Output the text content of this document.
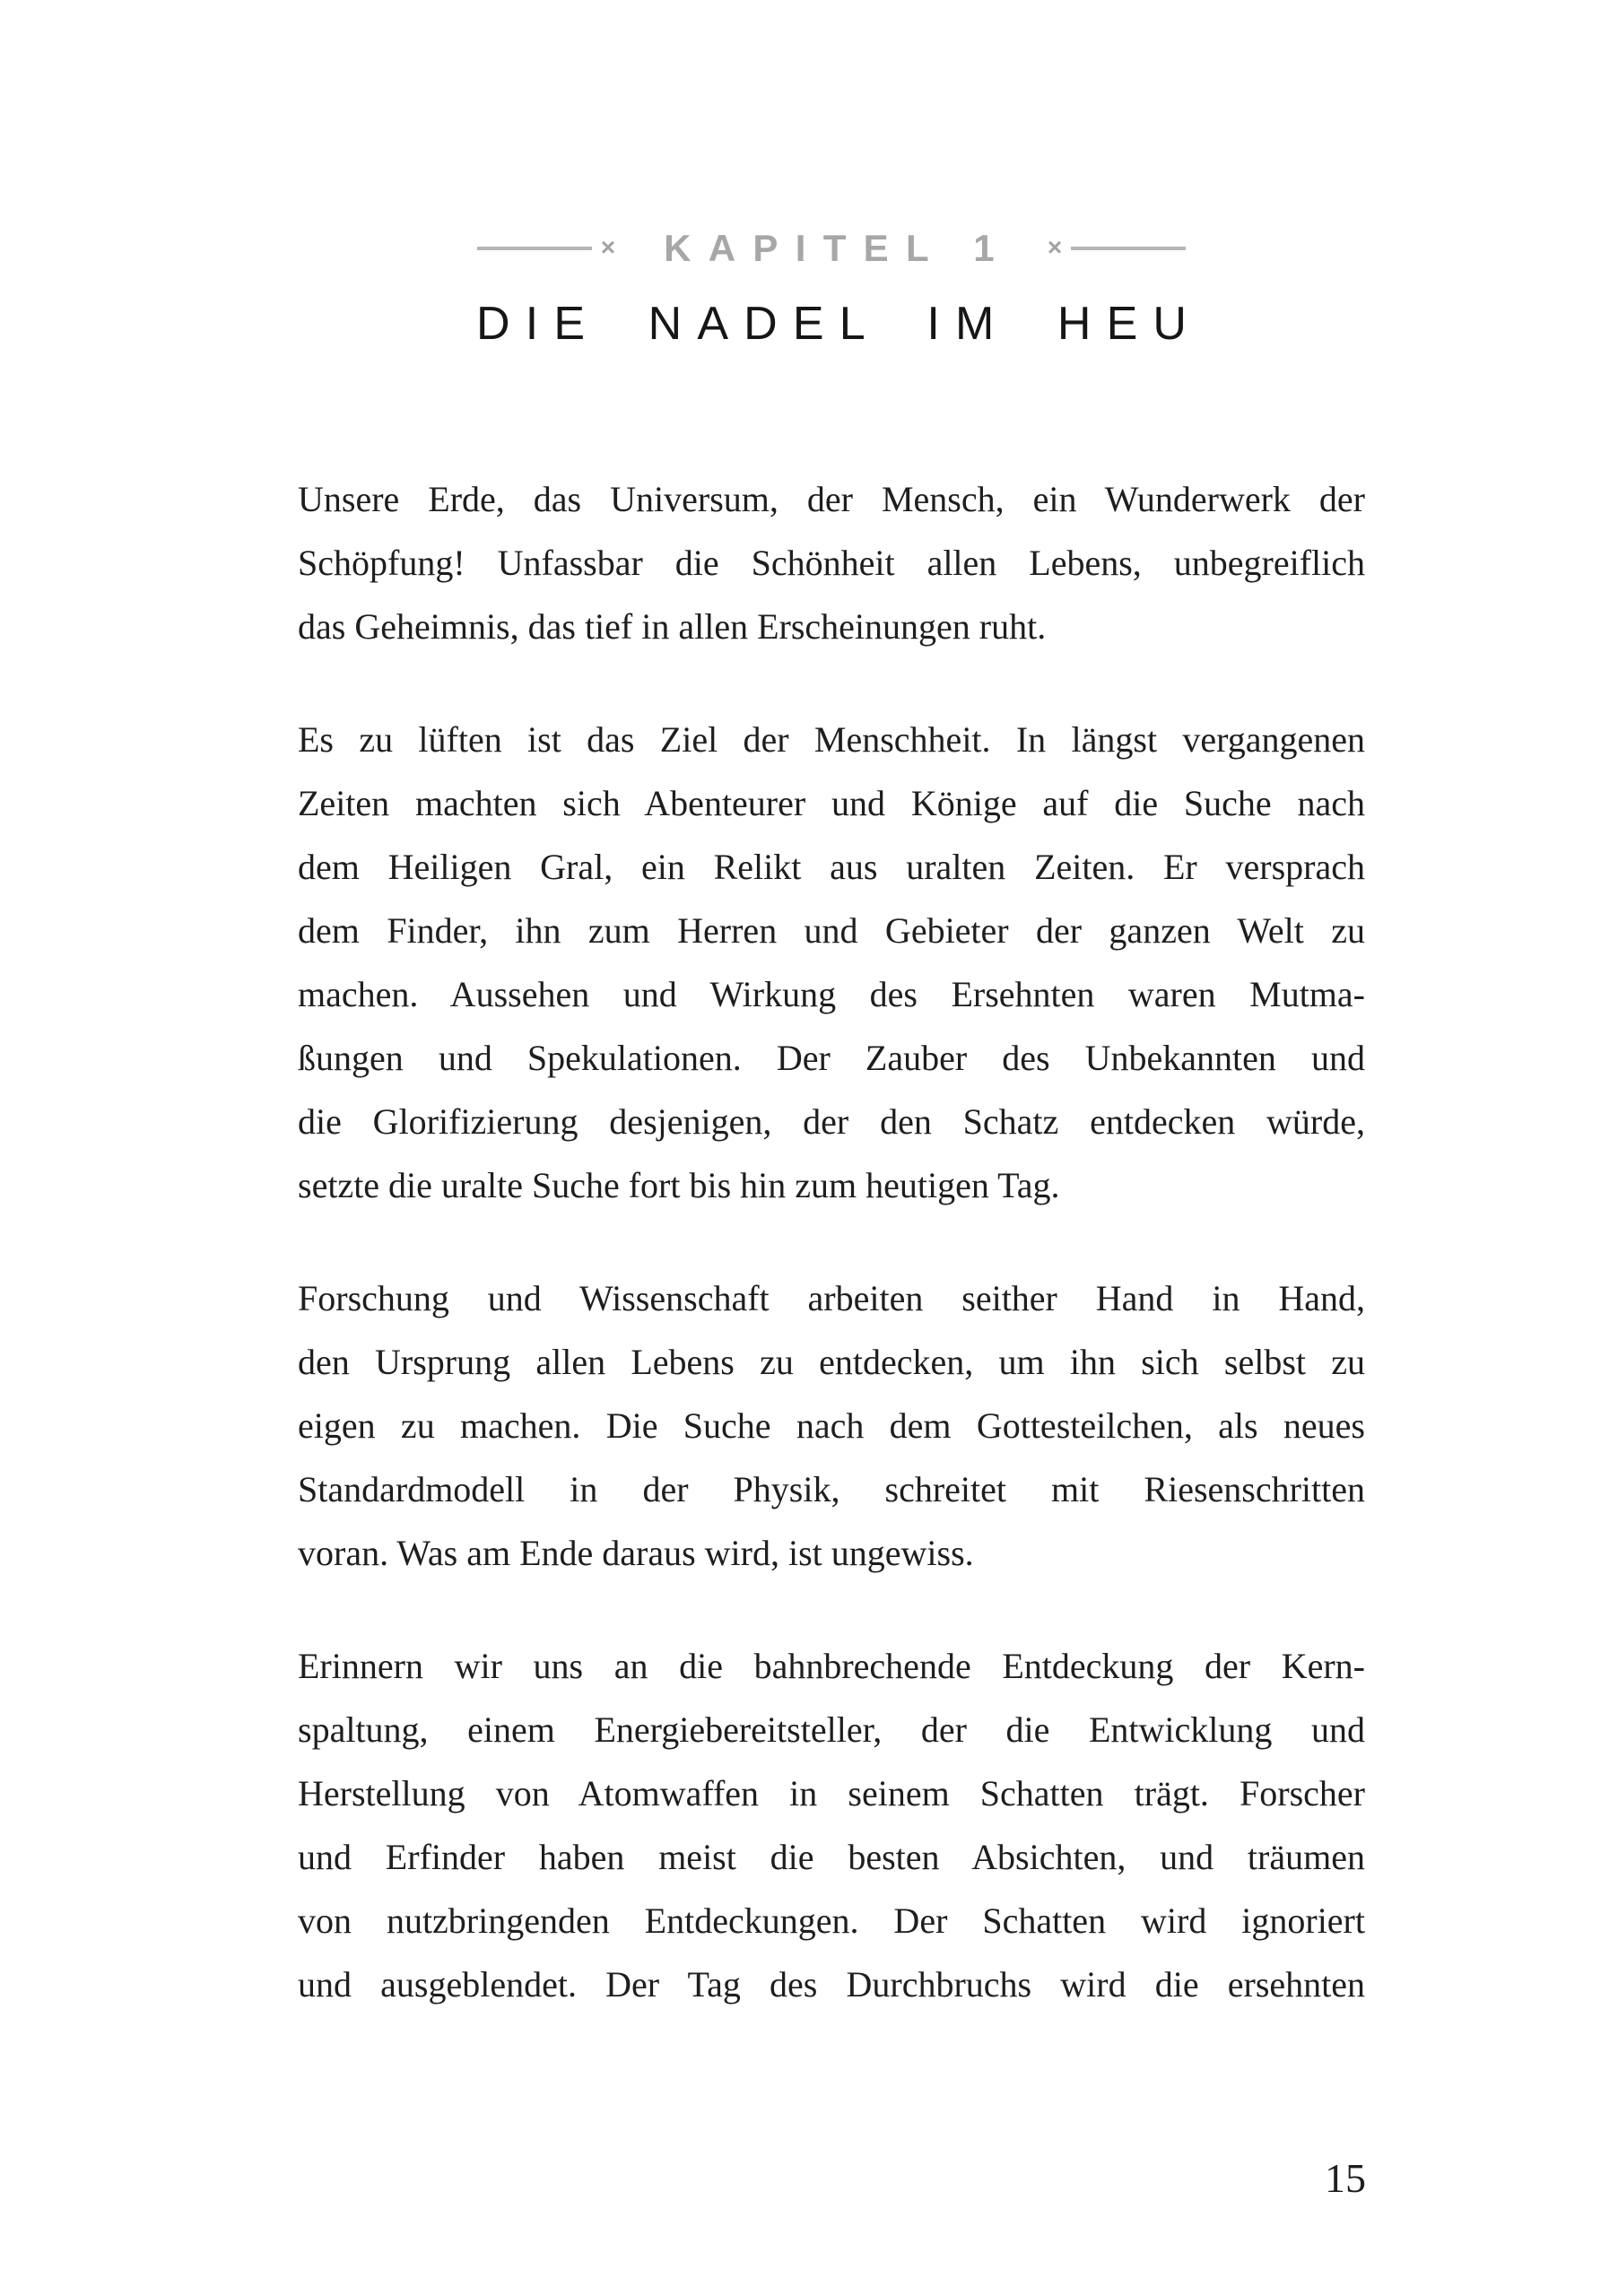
× KAPITEL 1 ×
DIE NADEL IM HEU
Unsere Erde, das Universum, der Mensch, ein Wunderwerk der
Schöpfung! Unfassbar die Schönheit allen Lebens, unbegreiflich
das Geheimnis, das tief in allen Erscheinungen ruht.
Es zu lüften ist das Ziel der Menschheit. In längst vergangenen
Zeiten machten sich Abenteurer und Könige auf die Suche nach
dem Heiligen Gral, ein Relikt aus uralten Zeiten. Er versprach
dem Finder, ihn zum Herren und Gebieter der ganzen Welt zu
machen. Aussehen und Wirkung des Ersehnten waren Mutma-
ßungen und Spekulationen. Der Zauber des Unbekannten und
die Glorifizierung desjenigen, der den Schatz entdecken würde,
setzte die uralte Suche fort bis hin zum heutigen Tag.
Forschung und Wissenschaft arbeiten seither Hand in Hand,
den Ursprung allen Lebens zu entdecken, um ihn sich selbst zu
eigen zu machen. Die Suche nach dem Gottesteilchen, als neues
Standardmodell in der Physik, schreitet mit Riesenschritten
voran. Was am Ende daraus wird, ist ungewiss.
Erinnern wir uns an die bahnbrechende Entdeckung der Kern-
spaltung, einem Energiebereitsteller, der die Entwicklung und
Herstellung von Atomwaffen in seinem Schatten trägt. Forscher
und Erfinder haben meist die besten Absichten, und träumen
von nutzbringenden Entdeckungen. Der Schatten wird ignoriert
und ausgeblendet. Der Tag des Durchbruchs wird die ersehnten
15
